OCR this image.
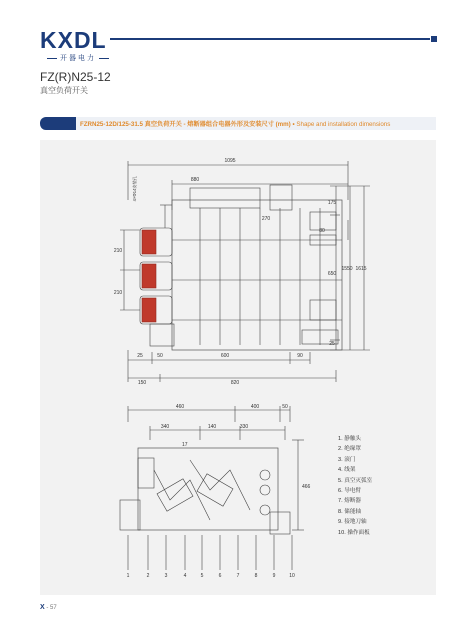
KXDL
开器电力
FZ(R)N25-12
真空负荷开关
FZRN25-12D/125-31.5 真空负荷开关 - 熔断器组合电器外形及安装尺寸 (mm) • Shape and installation dimensions
1095
880
175
650
1550 1615
210
210
25
25
50	600	90
150	820
270
80
4×Φ14安装孔
460	400	50
340	140	330
466
17
1	2	3	4	5	6	7	8	9	10
1. 静触头
2. 绝缘罩
3. 滚门
4. 线架
5. 真空灭弧室
6. 导电臂
7. 熔断器
8. 储能轴
9. 接地刀轴
10. 操作面板
X - 57
